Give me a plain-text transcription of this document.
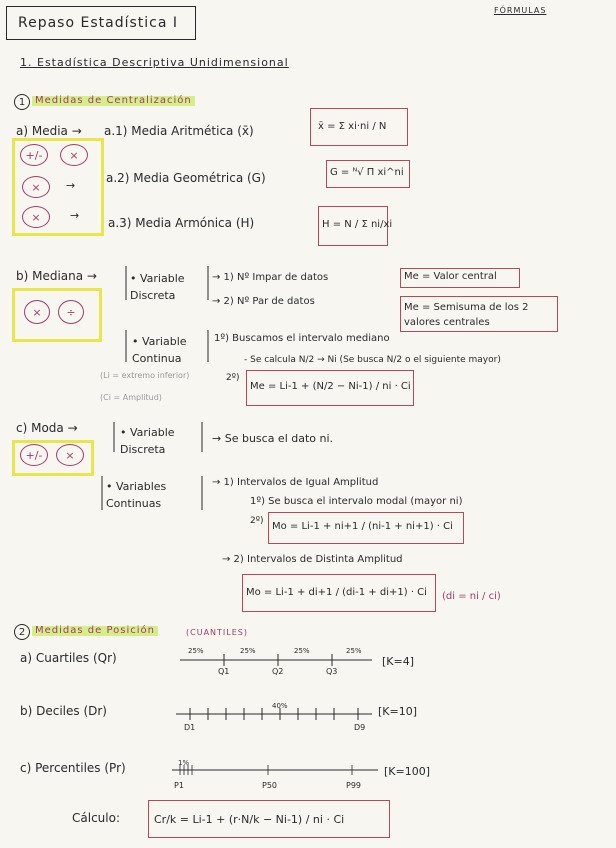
Repaso Estadística I
FÓRMULAS
1. Estadística Descriptiva Unidimensional
1 Medidas de Centralización
a) Media → a.1) Media Aritmética (x̄)	x̄ = Σ xi·ni / N
+/-	×
×
×
→
→
a.2) Media Geométrica (G)	G = ᴺ√ Π xi^ni
a.3) Media Armónica (H)	H = N / Σ ni/xi
b) Mediana →	• Variable Discreta
→ 1) Nº Impar de datos	Me = Valor central
→ 2) Nº Par de datos
Me = Semisuma de los 2 valores centrales
×	÷
• Variable Continua
1º) Buscamos el intervalo mediano
- Se calcula N/2 → Ni (Se busca N/2 o el siguiente mayor)
(Li = extremo inferior)
(Ci = Amplitud)
2º)
Me = Li-1 + (N/2 − Ni-1) / ni · Ci
c) Moda →	• Variable Discreta
→ Se busca el dato ni.
+/-	×
• Variables Continuas
→ 1) Intervalos de Igual Amplitud
1º) Se busca el intervalo modal (mayor ni)
2º) Mo = Li-1 + ni+1 / (ni-1 + ni+1) · Ci
→ 2) Intervalos de Distinta Amplitud
Mo = Li-1 + di+1 / (di-1 + di+1) · Ci (di = ni / ci)
2 Medidas de Posición	(CUANTILES)
a) Cuartiles (Qr)	25%	25%	25%	25%
Q1	Q2	Q3
[K=4]
b) Deciles (Dr)	40%
D1	D9
[K=10]
c) Percentiles (Pr)	1%
P1	P50	P99
[K=100]
Cálculo:	Cr/k = Li-1 + (r·N/k − Ni-1) / ni · Ci
